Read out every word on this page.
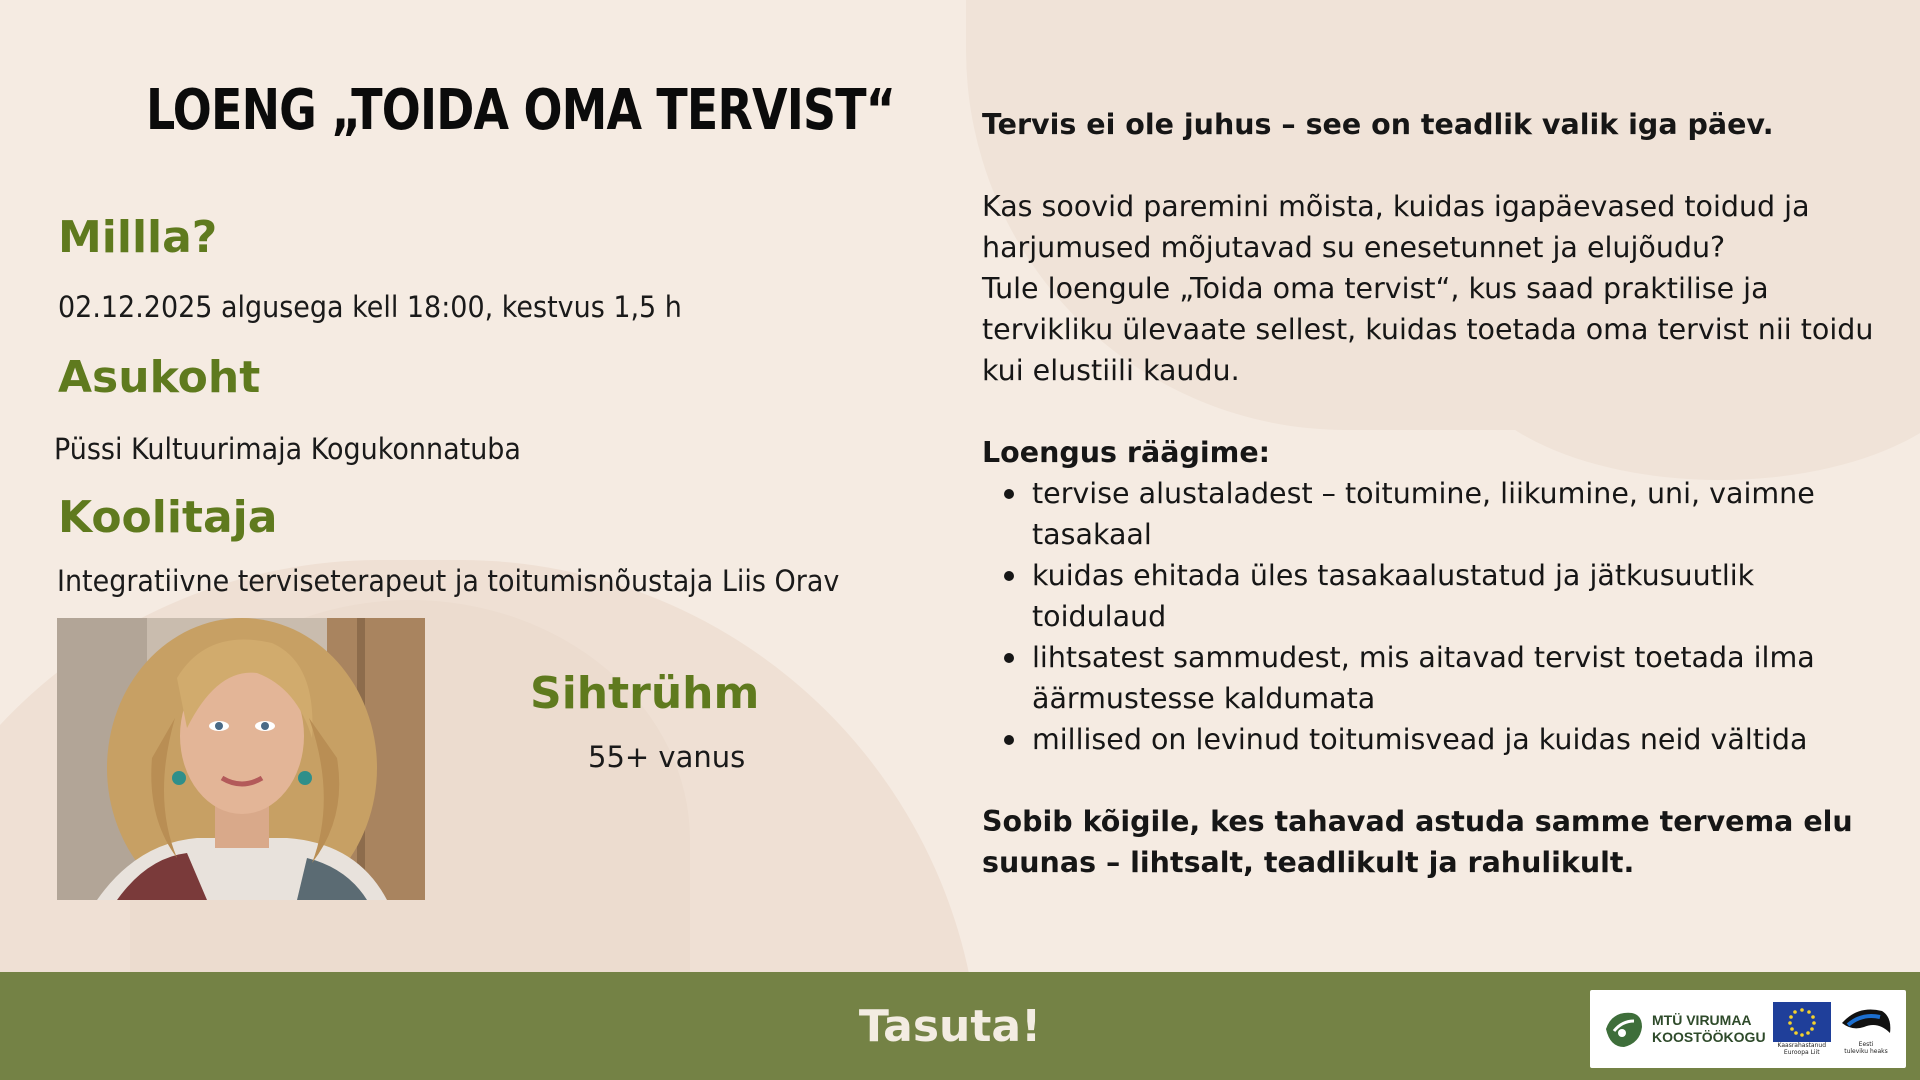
LOENG „TOIDA OMA TERVIST“
Millla?
02.12.2025 algusega kell 18:00, kestvus 1,5 h
Asukoht
Püssi Kultuurimaja Kogukonnatuba
Koolitaja
Integratiivne terviseterapeut ja toitumisnõustaja Liis Orav
Sihtrühm
55+ vanus

Tervis ei ole juhus – see on teadlik valik iga päev.

Kas soovid paremini mõista, kuidas igapäevased toidud ja harjumused mõjutavad su enesetunnet ja elujõudu?

Tule loengule „Toida oma tervist“, kus saad praktilise ja tervikliku ülevaate sellest, kuidas toetada oma tervist nii toidu kui elustiili kaudu.

Loengus räägime:

tervise alustaladest – toitumine, liikumine, uni, vaimne tasakaal
kuidas ehitada üles tasakaalustatud ja jätkusuutlik toidulaud
lihtsatest sammudest, mis aitavad tervist toetada ilma äärmustesse kaldumata
millised on levinud toitumisvead ja kuidas neid vältida

Sobib kõigile, kes tahavad astuda samme tervema elu suunas – lihtsalt, teadlikult ja rahulikult.

Tasuta!	MTÜ VIRUMAA
KOOSTÖÖKOGU
Kaasrahastanud
Euroopa Liit
Eesti
tuleviku heaks
